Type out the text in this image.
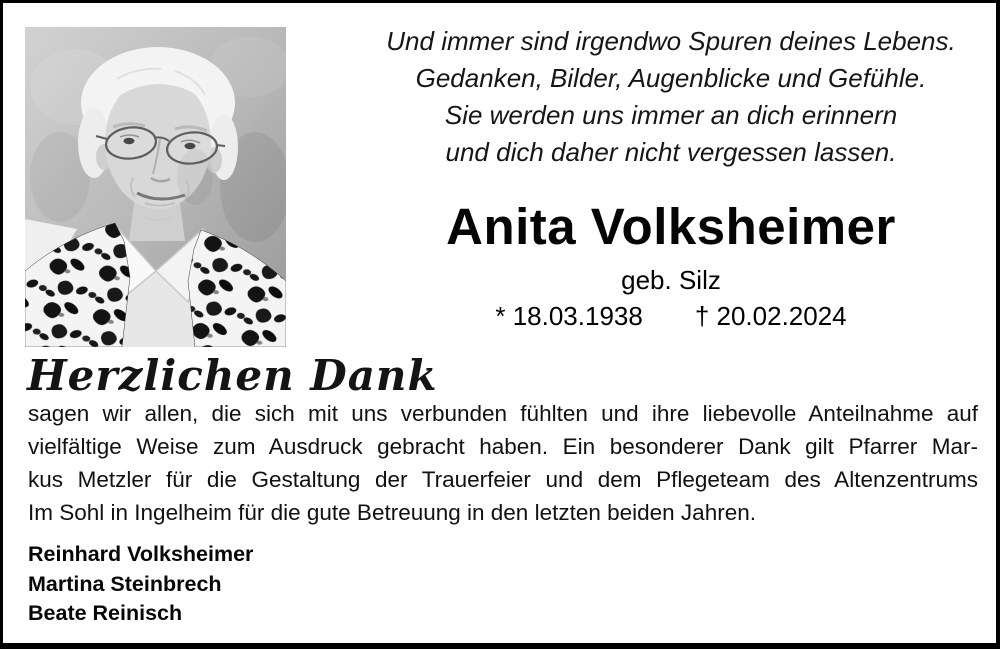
Und immer sind irgendwo Spuren deines Lebens.
Gedanken, Bilder, Augenblicke und Gefühle.
Sie werden uns immer an dich erinnern
und dich daher nicht vergessen lassen.
Anita Volksheimer
geb. Silz
* 18.03.1938 † 20.02.2024
Herzlichen Dank
sagen wir allen, die sich mit uns verbunden fühlten und ihre liebevolle Anteilnahme auf
vielfältige Weise zum Ausdruck gebracht haben. Ein besonderer Dank gilt Pfarrer Mar-
kus Metzler für die Gestaltung der Trauerfeier und dem Pflegeteam des Altenzentrums
Im Sohl in Ingelheim für die gute Betreuung in den letzten beiden Jahren.
Reinhard Volksheimer
Martina Steinbrech
Beate Reinisch
